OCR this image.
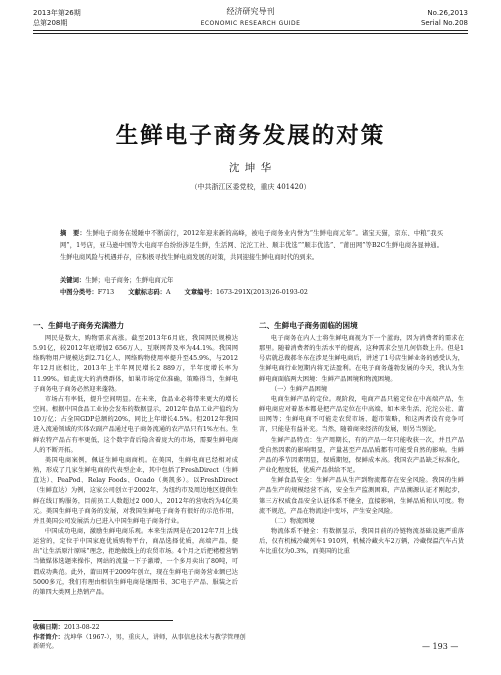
2013年第26期
总第208期
经济研究导刊
ECONOMIC RESEARCH GUIDE
No.26,2013
Serial No.208
生鲜电子商务发展的对策
沈 坤 华
（中共浙江区委党校，重庆 401420）
摘　要：生鲜电子商务在缓睡中不断前行，2012年迎来新的高峰，被电子商务业内誉为“生鲜电商元年”。诸宝天猫，京东、中粮“我买网”，1号店，亚马逊中国等大电商平台纷纷涉足生鲜，生活网、沱沱工社、顺丰优选”“顺丰优选”、“莆田网”等B2C生鲜电商各显神通。生鲜电商风险与机遇并存，应积极寻找生鲜电商发展的对策，共同迎接生鲜电商时代的到来。
关键词：生鲜；电子商务；生鲜电商元年
中图分类号：F713 文献标志码：A 文章编号：1673-291X(2013)26-0193-02
一、生鲜电子商务充满潜力

网民是数大，购物需求高涨。截至2013年6月底，我国网民规模达5.91亿，较2012年底增加2 656万人，互联网普及率为44.1%。我国网络购物用户规模达到2.71亿人，网络购物使用率提升至45.9%，与2012年12月底相比，2013年上半年网民增长2 889万，半年度增长率为11.99%。如此庞大的消费群体，如果市场定位准确，策略得当，生鲜电子商务电子商务必然迎来蓬勃。

市场占有率低，提升空间明显。在未来，食品业必将带来更大的增长空间。根据中国食品工业协会发布的数据显示，2012年食品工业产值约为10万亿；占全国GDP总额的20%，同比上年增长4.5%。但2012年我国进入流通领域的实体农副产品通过电子商务流通的农产品只有1%左右。生鲜农特产品占有率更低，这个数字背后隐含着庞大的市场，需要生鲜电商人的不断开拓。

美国电商案例，佩证生鲜电商商机。在美国，生鲜电商已经相对成熟，形成了几家生鲜电商的代表型企业，其中包括了FreshDirect（生鲜直达）、PeaPod、Relay Foods、Ocado（奥凯多）。以FreshDirect（生鲜直达）为例，这家公司创立于2002年，为纽约市及周边地区提供生鲜在线订购服务，目前员工人数超过2 000人，2012年的营收约为4亿美元。美国生鲜电子商务的发展，对我国生鲜电子商务有很好的示范作用，并且美国公司发展活力已进入中国生鲜电子商务行业。

中国成功电商，激励生鲜电商乐观。本来生活网是在2012年7月上线运营的，定位于中国家庭优质购物平台，商品选择优质，高端产品，提出“让生活原汁原味”理念，拒绝做线上的农贸市场。4个月之后把褚橙营销当做媒体选题来操作，网站的流量一下子激增，一个多月卖出了80吨，可谓成功典范。此外，莆田网于2009年创立，现在生鲜电子商务营业额已达5000多元，我们有理由相信生鲜电商是继图书、3C电子产品、服装之后的第四大类网上热销产品。

二、生鲜电子商务面临的困境

电子商务在内人士将生鲜电商视为下一个蓝海，因为消费者的需求在那里。随着消费者的生活水平的提高，这种需求会呈几何倍数上升。但是1号店就总裁郝冬东在涉足生鲜电商后，讲述了1号店生鲜业务的感受认为，生鲜电商行业短期内将无法盈利。在电子商务蓬勃发展的今天，我认为生鲜电商面临两大困境：生鲜产品困境和物流困境。

（一）生鲜产品困境

电商生鲜产品的定位。观阶段，电商产品只能定位在中高端产品，生鲜电商应对着基本都是把产品定位在中高端，如本来生活、沱沱公社、莆田网等；生鲜电商不可能走农贸市场、超市策略，和这两者没有竞争可言，只能是有益补充。当然，随着商来经济的发展，则另当别论。

生鲜产品特点：生产周期长，有的产品一年只能收获一次，并且产品受自然因素的影响明显，产量甚至产品品质都有可能受自然的影响。生鲜产品的季节因素明显，保质期短，保鲜成本高。我国农产品缺乏标准化，产业化程度低，优质产品供给不足。

生鲜食品安全：生鲜产品从生产到物流都存在安全风险。我国的生鲜产品生产的规模经营不高，安全生产监测困难，产品溯源认证才刚起步，第三方权威食品安全认证体系不健全，直接影响，生鲜品质和认可度。物流不规范，产品在物流途中变坏，产生安全风险。

（二）物流困境

物流体系不健全：有数据显示，我国目前的冷链物流基础设施严重落后，仅有机械冷藏列车1 910列，机械冷藏火车2万辆，冷藏保温汽车占货车比重仅为0.3%，而美国的比重

收稿日期：2013-08-22
作者简介：沈坤华（1967-），男，重庆人，讲师，从事信息技术与教学管理创新研究。	— 193 —
